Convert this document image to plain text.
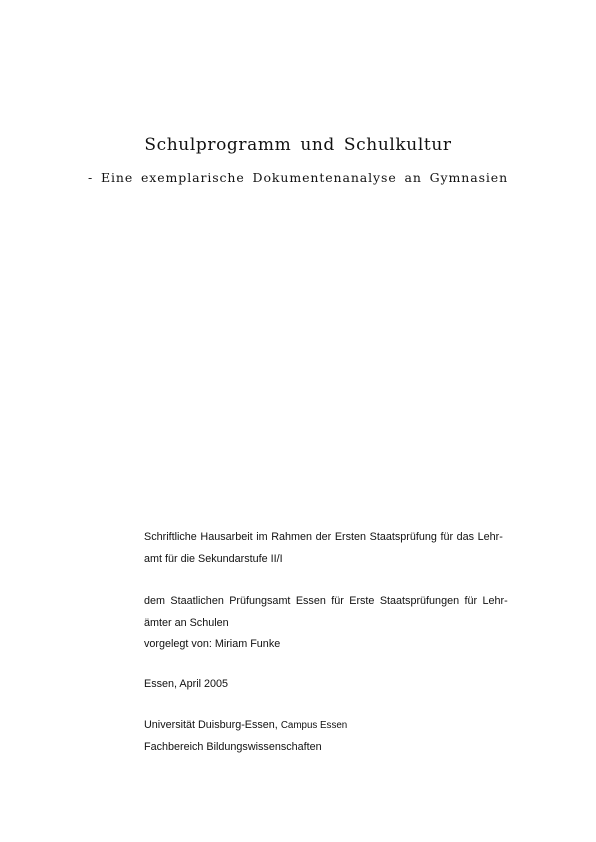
Schulprogramm und Schulkultur
- Eine exemplarische Dokumentenanalyse an Gymnasien
Schriftliche Hausarbeit im Rahmen der Ersten Staatsprüfung für das Lehr-
amt für die Sekundarstufe II/I
dem Staatlichen Prüfungsamt Essen für Erste Staatsprüfungen für Lehr-
ämter an Schulen
vorgelegt von: Miriam Funke
Essen, April 2005
Universität Duisburg-Essen, Campus Essen
Fachbereich Bildungswissenschaften
